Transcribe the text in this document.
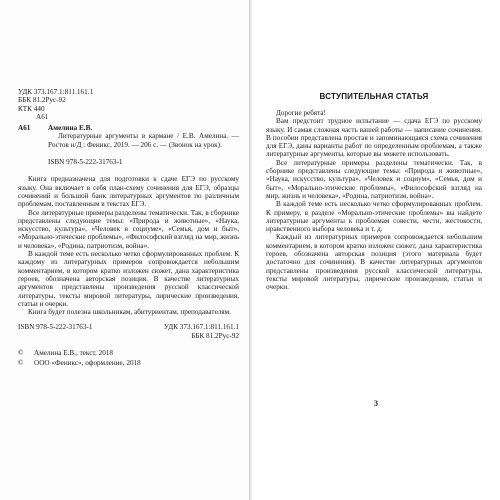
УДК 373.167.1:811.161.1
ББК 81.2Рус-92
КТК 440
А61
А61	Амелина Е.В.
Литературные аргументы в кармане / Е.В. Амелина. — Ростов н/Д : Феникс, 2019. — 206 с. — (Звонок на урок).
ISBN 978-5-222-31763-1

Книга предназначена для подготовки к сдаче ЕГЭ по русскому языку. Она включает в себя план-схему сочинения для ЕГЭ, образцы сочинений и большой банк литературных аргументов по различным проблемам, поставленным в текстах ЕГЭ.

Все литературные примеры разделены тематически. Так, в сборнике представлены следующие темы: «Природа и животные», «Наука, искусство, культура», «Человек в социуме», «Семья, дом и быт», «Морально-этические проблемы», «Философский взгляд на мир, жизнь и человека», «Родина, патриотизм, война».

В каждой теме есть несколько четко сформулированных проблем. К каждому из литературных примеров сопровождается небольшим комментарием, в котором кратко изложен сюжет, дана характеристика героев, обозначена авторская позиция. В качестве литературных аргументов представлены произведения русской классической литературы, тексты мировой литературы, лирические произведения, статьи и очерки.

Книга будет полезна школьникам, абитуриентам, преподавателям.

ISBN 978-5-222-31763-1	УДК 373.167.1:811.161.1
ББК 81.2Рус-92
©	Амелина Е.В., текст, 2018
©	ООО «Феникс», оформление, 2018
ВСТУПИТЕЛЬНАЯ СТАТЬЯ

Дорогие ребята!

Вам предстоит трудное испытание — сдача ЕГЭ по русскому языку. И самая сложная часть вашей работы — написание сочинения. В пособии представлена простая и запоминающаяся схема сочинения для ЕГЭ, даны варианты работ по определенным проблемам, а также литературные аргументы, которые вы можете использовать.

Все литературные примеры разделены тематически. Так, в сборнике представлены следующие темы: «Природа и животные», «Наука, искусство, культура», «Человек и социум», «Семья, дом и быт», «Морально-этические проблемы», «Философский взгляд на мир, жизнь и человека», «Родина, патриотизм, война».

В каждой теме есть несколько четко сформулированных проблем. К примеру, в разделе «Морально-этические проблемы» вы найдете литературные аргументы к проблемам совести, чести, жестокости, нравственного выбора человека и т. д.

Каждый из литературных примеров сопровождается небольшим комментарием, в котором кратко изложен сюжет, дана характеристика героев, обозначена авторская позиция (этого материала будет достаточно для сочинения). В качестве литературных аргументов представлены произведения русской классической литературы, тексты мировой литературы, лирические произведения, статьи и очерки.

3
